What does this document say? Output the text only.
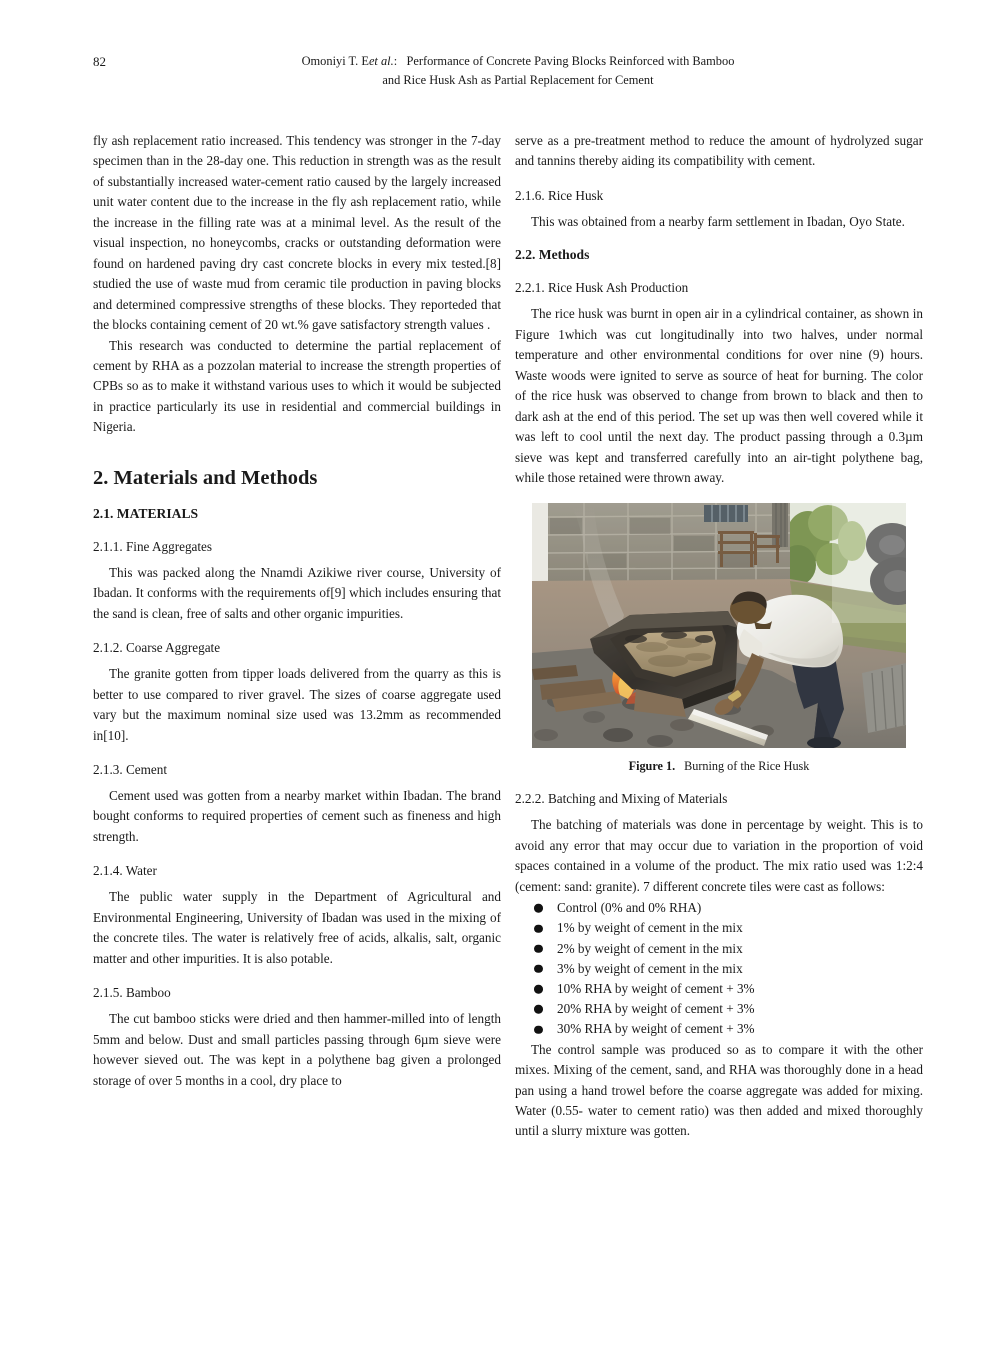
82	Omoniyi T. Eet al.: Performance of Concrete Paving Blocks Reinforced with Bamboo
and Rice Husk Ash as Partial Replacement for Cement

fly ash replacement ratio increased. This tendency was stronger in the 7-day specimen than in the 28-day one. This reduction in strength was as the result of substantially increased water-cement ratio caused by the largely increased unit water content due to the increase in the fly ash replacement ratio, while the increase in the filling rate was at a minimal level. As the result of the visual inspection, no honeycombs, cracks or outstanding deformation were found on hardened paving dry cast concrete blocks in every mix tested.[8] studied the use of waste mud from ceramic tile production in paving blocks and determined compressive strengths of these blocks. They reporteded that the blocks containing cement of 20 wt.% gave satisfactory strength values .

This research was conducted to determine the partial replacement of cement by RHA as a pozzolan material to increase the strength properties of CPBs so as to make it withstand various uses to which it would be subjected in practice particularly its use in residential and commercial buildings in Nigeria.

2. Materials and Methods
2.1. MATERIALS
2.1.1. Fine Aggregates

This was packed along the Nnamdi Azikiwe river course, University of Ibadan. It conforms with the requirements of[9] which includes ensuring that the sand is clean, free of salts and other organic impurities.

2.1.2. Coarse Aggregate

The granite gotten from tipper loads delivered from the quarry as this is better to use compared to river gravel. The sizes of coarse aggregate used vary but the maximum nominal size used was 13.2mm as recommended in[10].

2.1.3. Cement

Cement used was gotten from a nearby market within Ibadan. The brand bought conforms to required properties of cement such as fineness and high strength.

2.1.4. Water

The public water supply in the Department of Agricultural and Environmental Engineering, University of Ibadan was used in the mixing of the concrete tiles. The water is relatively free of acids, alkalis, salt, organic matter and other impurities. It is also potable.

2.1.5. Bamboo

The cut bamboo sticks were dried and then hammer-milled into of length 5mm and below. Dust and small particles passing through 6µm sieve were however sieved out. The was kept in a polythene bag given a prolonged storage of over 5 months in a cool, dry place to

serve as a pre-treatment method to reduce the amount of hydrolyzed sugar and tannins thereby aiding its compatibility with cement.

2.1.6. Rice Husk

This was obtained from a nearby farm settlement in Ibadan, Oyo State.

2.2. Methods
2.2.1. Rice Husk Ash Production

The rice husk was burnt in open air in a cylindrical container, as shown in Figure 1which was cut longitudinally into two halves, under normal temperature and other environmental conditions for over nine (9) hours. Waste woods were ignited to serve as source of heat for burning. The color of the rice husk was observed to change from brown to black and then to dark ash at the end of this period. The set up was then well covered while it was left to cool until the next day. The product passing through a 0.3µm sieve was kept and transferred carefully into an air-tight polythene bag, while those retained were thrown away.

Figure 1. Burning of the Rice Husk
2.2.2. Batching and Mixing of Materials

The batching of materials was done in percentage by weight. This is to avoid any error that may occur due to variation in the proportion of void spaces contained in a volume of the product. The mix ratio used was 1:2:4 (cement: sand: granite). 7 different concrete tiles were cast as follows:

Control (0% and 0% RHA)
1% by weight of cement in the mix
2% by weight of cement in the mix
3% by weight of cement in the mix
10% RHA by weight of cement + 3%
20% RHA by weight of cement + 3%
30% RHA by weight of cement + 3%

The control sample was produced so as to compare it with the other mixes. Mixing of the cement, sand, and RHA was thoroughly done in a head pan using a hand trowel before the coarse aggregate was added for mixing. Water (0.55- water to cement ratio) was then added and mixed thoroughly until a slurry mixture was gotten.
